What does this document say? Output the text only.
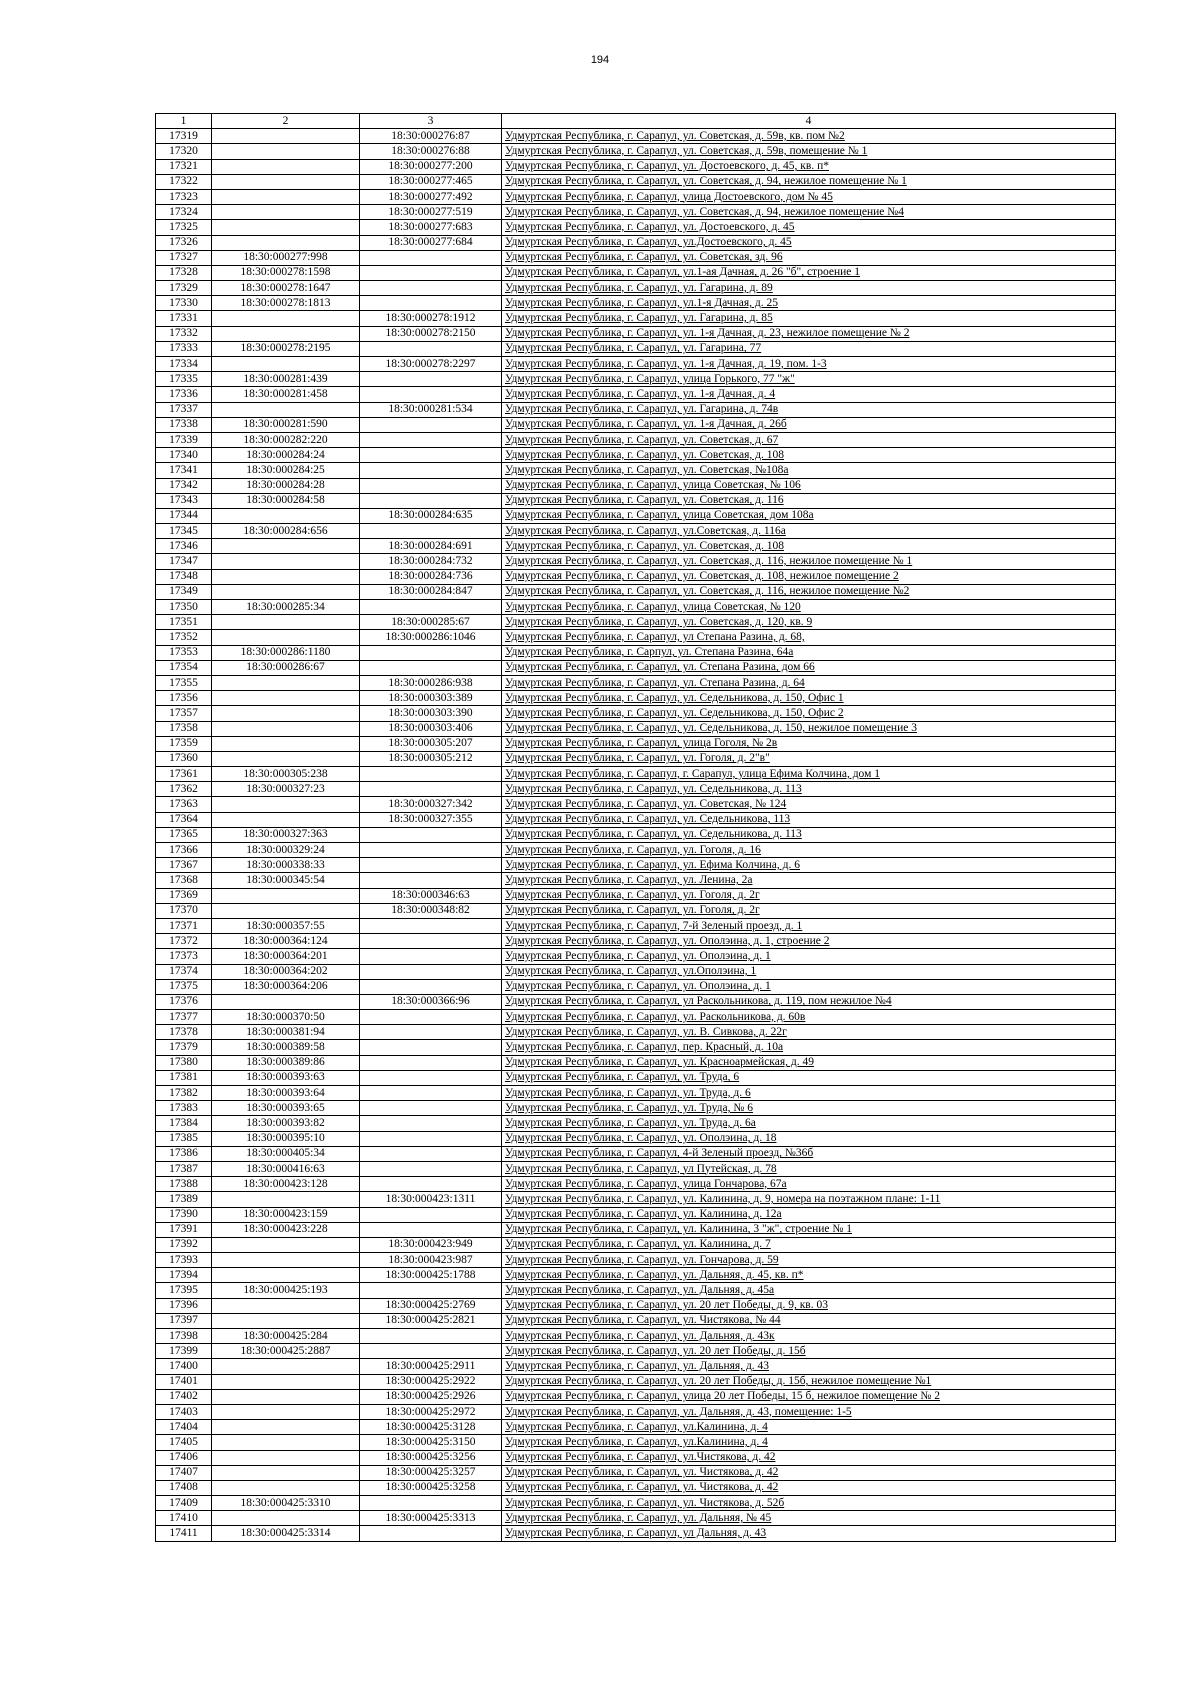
194
1	2	3	4
17319		18:30:000276:87	Удмуртская Республика, г. Сарапул, ул. Советская, д. 59в, кв. пом №2
17320		18:30:000276:88	Удмуртская Республика, г. Сарапул, ул. Советская, д. 59в, помещение № 1
17321		18:30:000277:200	Удмуртская Республика, г. Сарапул, ул. Достоевского, д. 45, кв. п*
17322		18:30:000277:465	Удмуртская Республика, г. Сарапул, ул. Советская, д. 94, нежилое помещение № 1
17323		18:30:000277:492	Удмуртская Республика, г. Сарапул, улица Достоевского, дом № 45
17324		18:30:000277:519	Удмуртская Республика, г. Сарапул, ул. Советская, д. 94, нежилое помещение №4
17325		18:30:000277:683	Удмуртская Республика, г. Сарапул, ул. Достоевского, д. 45
17326		18:30:000277:684	Удмуртская Республика, г. Сарапул, ул.Достоевского, д. 45
17327	18:30:000277:998		Удмуртская Республика, г. Сарапул, ул. Советская, зд. 96
17328	18:30:000278:1598		Удмуртская Республика, г. Сарапул, ул.1-ая Дачная, д. 26 "б", строение 1
17329	18:30:000278:1647		Удмуртская Республика, г. Сарапул, ул. Гагарина, д. 89
17330	18:30:000278:1813		Удмуртская Республика, г. Сарапул, ул.1-я Дачная, д. 25
17331		18:30:000278:1912	Удмуртская Республика, г. Сарапул, ул. Гагарина, д. 85
17332		18:30:000278:2150	Удмуртская Республика, г. Сарапул, ул. 1-я Дачная, д. 23, нежилое помещение № 2
17333	18:30:000278:2195		Удмуртская Республика, г. Сарапул, ул. Гагарина, 77
17334		18:30:000278:2297	Удмуртская Республика, г. Сарапул, ул. 1-я Дачная, д. 19, пом. 1-3
17335	18:30:000281:439		Удмуртская Республика, г. Сарапул, улица Горького, 77 "ж"
17336	18:30:000281:458		Удмуртская Республика, г. Сарапул, ул. 1-я Дачная, д. 4
17337		18:30:000281:534	Удмуртская Республика, г. Сарапул, ул. Гагарина, д. 74в
17338	18:30:000281:590		Удмуртская Республика, г. Сарапул, ул. 1-я Дачная, д. 26б
17339	18:30:000282:220		Удмуртская Республика, г. Сарапул, ул. Советская, д. 67
17340	18:30:000284:24		Удмуртская Республика, г. Сарапул, ул. Советская, д. 108
17341	18:30:000284:25		Удмуртская Республика, г. Сарапул, ул. Советская, №108а
17342	18:30:000284:28		Удмуртская Республика, г. Сарапул, улица Советская, № 106
17343	18:30:000284:58		Удмуртская Республика, г. Сарапул, ул. Советская, д. 116
17344		18:30:000284:635	Удмуртская Республика, г. Сарапул, улица Советская, дом 108а
17345	18:30:000284:656		Удмуртская Республика, г. Сарапул, ул.Советская, д. 116а
17346		18:30:000284:691	Удмуртская Республика, г. Сарапул, ул. Советская, д. 108
17347		18:30:000284:732	Удмуртская Республика, г. Сарапул, ул. Советская, д. 116, нежилое помещение № 1
17348		18:30:000284:736	Удмуртская Республика, г. Сарапул, ул. Советская, д. 108, нежилое помещение 2
17349		18:30:000284:847	Удмуртская Республика, г. Сарапул, ул. Советская, д. 116, нежилое помещение №2
17350	18:30:000285:34		Удмуртская Республика, г. Сарапул, улица Советская, № 120
17351		18:30:000285:67	Удмуртская Республика, г. Сарапул, ул. Советская, д. 120, кв. 9
17352		18:30:000286:1046	Удмуртская Республика, г. Сарапул, ул Степана Разина, д. 68,
17353	18:30:000286:1180		Удмуртская Республика, г. Сарпул, ул. Степана Разина, 64а
17354	18:30:000286:67		Удмуртская Республика, г. Сарапул, ул. Степана Разина, дом 66
17355		18:30:000286:938	Удмуртская Республика, г. Сарапул, ул. Степана Разина, д. 64
17356		18:30:000303:389	Удмуртская Республика, г. Сарапул, ул. Седельникова, д. 150, Офис 1
17357		18:30:000303:390	Удмуртская Республика, г. Сарапул, ул. Седельникова, д. 150, Офис 2
17358		18:30:000303:406	Удмуртская Республика, г. Сарапул, ул. Седельникова, д. 150, нежилое помещение 3
17359		18:30:000305:207	Удмуртская Республика, г. Сарапул, улица Гоголя, № 2в
17360		18:30:000305:212	Удмуртская Республика, г. Сарапул, ул. Гоголя, д. 2"в"
17361	18:30:000305:238		Удмуртская Республика, г. Сарапул, г. Сарапул, улица Ефима Колчина, дом 1
17362	18:30:000327:23		Удмуртская Республика, г. Сарапул, ул. Седельникова, д. 113
17363		18:30:000327:342	Удмуртская Республика, г. Сарапул, ул. Советская, № 124
17364		18:30:000327:355	Удмуртская Республика, г. Сарапул, ул. Седельникова, 113
17365	18:30:000327:363		Удмуртская Республика, г. Сарапул, ул. Седельникова, д. 113
17366	18:30:000329:24		Удмуртская Республиха, г. Сарапул, ул. Гоголя, д. 16
17367	18:30:000338:33		Удмуртская Республика, г. Сарапул, ул. Ефима Колчина, д. 6
17368	18:30:000345:54		Удмуртская Республика, г. Сарапул, ул. Ленина, 2а
17369		18:30:000346:63	Удмуртская Республика, г. Сарапул, ул. Гоголя, д. 2г
17370		18:30:000348:82	Удмуртская Республика, г. Сарапул, ул. Гоголя, д. 2г
17371	18:30:000357:55		Удмуртская Республика, г. Сарапул, 7-й Зеленый проезд, д. 1
17372	18:30:000364:124		Удмуртская Республика, г. Сарапул, ул. Ополэина, д. 1, строение 2
17373	18:30:000364:201		Удмуртская Республика, г. Сарапул, ул. Ополэина, д. 1
17374	18:30:000364:202		Удмуртская Республика, г. Сарапул, ул.Ополэина, 1
17375	18:30:000364:206		Удмуртская Республика, г. Сарапул, ул. Ополэина, д. 1
17376		18:30:000366:96	Удмуртская Республика, г. Сарапул, ул Раскольникова, д. 119, пом нежилое №4
17377	18:30:000370:50		Удмуртская Республика, г. Сарапул, ул. Раскольникова, д. 60в
17378	18:30:000381:94		Удмуртская Республика, г. Сарапул, ул. В. Сивкова, д. 22г
17379	18:30:000389:58		Удмуртская Республика, г. Сарапул, пер. Красный, д. 10а
17380	18:30:000389:86		Удмуртская Республика, г. Сарапул, ул. Красноармейская, д. 49
17381	18:30:000393:63		Удмуртская Республика, г. Сарапул, ул. Труда, 6
17382	18:30:000393:64		Удмуртская Республика, г. Сарапул, ул. Труда, д. 6
17383	18:30:000393:65		Удмуртская Республика, г. Сарапул, ул. Труда, № 6
17384	18:30:000393:82		Удмуртская Республика, г. Сарапул, ул. Труда, д. 6а
17385	18:30:000395:10		Удмуртская Республика, г. Сарапул, ул. Ополэина, д. 18
17386	18:30:000405:34		Удмуртская Республика, г. Сарапул, 4-й Зеленый проезд, №36б
17387	18:30:000416:63		Удмуртская Республика, г. Сарапул, ул Путейская, д. 78
17388	18:30:000423:128		Удмуртская Республика, г. Сарапул, улица Гончарова, 67а
17389		18:30:000423:1311	Удмуртская Республика, г. Сарапул, ул. Калинина, д. 9, номера на поэтажном плане: 1-11
17390	18:30:000423:159		Удмуртская Республика, г. Сарапул, ул. Калинина, д. 12а
17391	18:30:000423:228		Удмуртская Республика, г. Сарапул, ул. Калинина, 3 "ж", строение № 1
17392		18:30:000423:949	Удмуртская Республика, г. Сарапул, ул. Калинина, д. 7
17393		18:30:000423:987	Удмуртская Республика, г. Сарапул, ул. Гончарова, д. 59
17394		18:30:000425:1788	Удмуртская Республика, г. Сарапул, ул. Дальняя, д. 45, кв. п*
17395	18:30:000425:193		Удмуртская Республика, г. Сарапул, ул. Дальняя, д. 45а
17396		18:30:000425:2769	Удмуртская Республика, г. Сарапул, ул. 20 лет Победы, д. 9, кв. 03
17397		18:30:000425:2821	Удмуртская Республика, г. Сарапул, ул. Чистякова, № 44
17398	18:30:000425:284		Удмуртская Республика, г. Сарапул, ул. Дальняя, д. 43к
17399	18:30:000425:2887		Удмуртская Республика, г. Сарапул, ул. 20 лет Победы, д. 15б
17400		18:30:000425:2911	Удмуртская Республика, г. Сарапул, ул. Дальняя, д. 43
17401		18:30:000425:2922	Удмуртская Республика, г. Сарапул, ул. 20 лет Победы, д. 15б, нежилое помещение №1
17402		18:30:000425:2926	Удмуртская Республика, г. Сарапул, улица 20 лет Победы, 15 б, нежилое помещение № 2
17403		18:30:000425:2972	Удмуртская Республика, г. Сарапул, ул. Дальняя, д. 43, помещение: 1-5
17404		18:30:000425:3128	Удмуртская Республика, г. Сарапул, ул.Калинина, д. 4
17405		18:30:000425:3150	Удмуртская Республика, г. Сарапул, ул.Калинина, д. 4
17406		18:30:000425:3256	Удмуртская Республика, г. Сарапул, ул.Чистякова, д. 42
17407		18:30:000425:3257	Удмуртская Республика, г. Сарапул, ул. Чистякова, д. 42
17408		18:30:000425:3258	Удмуртская Республика, г. Сарапул, ул. Чистякова, д. 42
17409	18:30:000425:3310		Удмуртская Республика, г. Сарапул, ул. Чистякова, д. 52б
17410		18:30:000425:3313	Удмуртская Республика, г. Сарапул, ул. Дальняя, № 45
17411	18:30:000425:3314		Удмуртская Республика, г. Сарапул, ул Дальняя, д. 43
